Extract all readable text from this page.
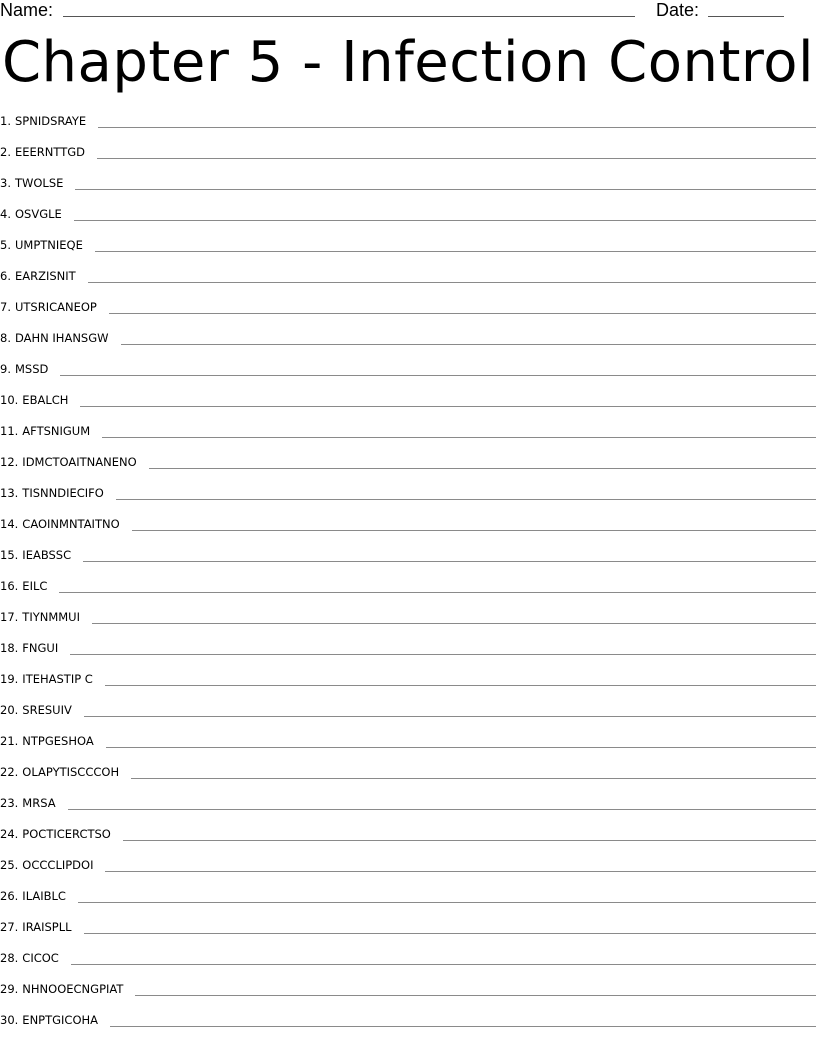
Name:	Date:
Chapter 5 - Infection Control
1. SPNIDSRAYE
2. EEERNTTGD
3. TWOLSE
4. OSVGLE
5. UMPTNIEQE
6. EARZISNIT
7. UTSRICANEOP
8. DAHN IHANSGW
9. MSSD
10. EBALCH
11. AFTSNIGUM
12. IDMCTOAITNANENO
13. TISNNDIECIFO
14. CAOINMNTAITNO
15. IEABSSC
16. EILC
17. TIYNMMUI
18. FNGUI
19. ITEHASTIP C
20. SRESUIV
21. NTPGESHOA
22. OLAPYTISCCCOH
23. MRSA
24. POCTICERCTSO
25. OCCCLIPDOI
26. ILAIBLC
27. IRAISPLL
28. CICOC
29. NHNOOECNGPIAT
30. ENPTGICOHA
